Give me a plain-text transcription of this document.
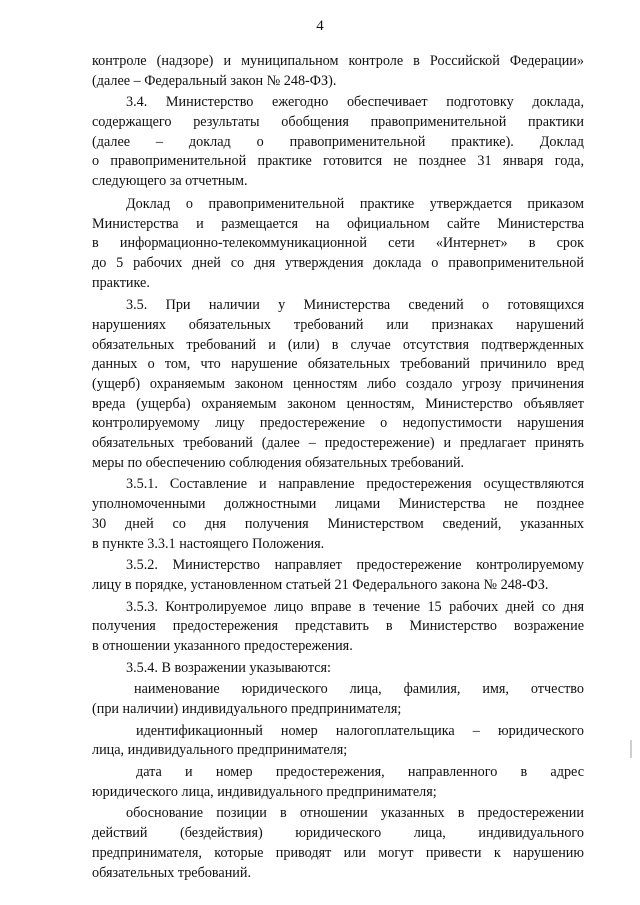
4
контроле (надзоре) и муниципальном контроле в Российской Федерации»
(далее – Федеральный закон № 248-ФЗ).
3.4. Министерство ежегодно обеспечивает подготовку доклада,
содержащего результаты обобщения правоприменительной практики
(далее – доклад о правоприменительной практике). Доклад
о правоприменительной практике готовится не позднее 31 января года,
следующего за отчетным.
Доклад о правоприменительной практике утверждается приказом
Министерства и размещается на официальном сайте Министерства
в информационно-телекоммуникационной сети «Интернет» в срок
до 5 рабочих дней со дня утверждения доклада о правоприменительной
практике.
3.5. При наличии у Министерства сведений о готовящихся
нарушениях обязательных требований или признаках нарушений
обязательных требований и (или) в случае отсутствия подтвержденных
данных о том, что нарушение обязательных требований причинило вред
(ущерб) охраняемым законом ценностям либо создало угрозу причинения
вреда (ущерба) охраняемым законом ценностям, Министерство объявляет
контролируемому лицу предостережение о недопустимости нарушения
обязательных требований (далее – предостережение) и предлагает принять
меры по обеспечению соблюдения обязательных требований.
3.5.1. Составление и направление предостережения осуществляются
уполномоченными должностными лицами Министерства не позднее
30 дней со дня получения Министерством сведений, указанных
в пункте 3.3.1 настоящего Положения.
3.5.2. Министерство направляет предостережение контролируемому
лицу в порядке, установленном статьей 21 Федерального закона № 248-ФЗ.
3.5.3. Контролируемое лицо вправе в течение 15 рабочих дней со дня
получения предостережения представить в Министерство возражение
в отношении указанного предостережения.
3.5.4. В возражении указываются:
наименование юридического лица, фамилия, имя, отчество
(при наличии) индивидуального предпринимателя;
идентификационный номер налогоплательщика – юридического
лица, индивидуального предпринимателя;
дата и номер предостережения, направленного в адрес
юридического лица, индивидуального предпринимателя;
обоснование позиции в отношении указанных в предостережении
действий (бездействия) юридического лица, индивидуального
предпринимателя, которые приводят или могут привести к нарушению
обязательных требований.
